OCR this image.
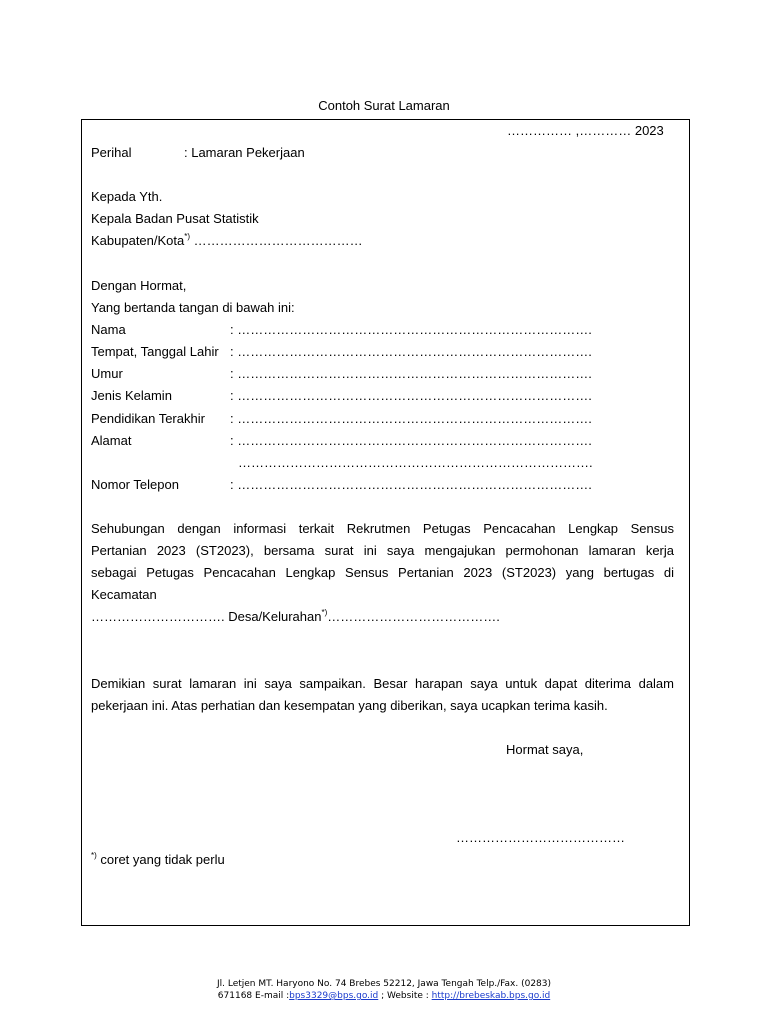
Contoh Surat Lamaran
…………… ,………… 2023
Perihal	: Lamaran Pekerjaan
Kepada Yth.
Kepala Badan Pusat Statistik
Kabupaten/Kota*) …………………………………
Dengan Hormat,
Yang bertanda tangan di bawah ini:
Nama	: ……………………………………………………………………….
Tempat, Tanggal Lahir : ……………………………………………………………………….
Umur	: ……………………………………………………………………….
Jenis Kelamin	: ……………………………………………………………………….
Pendidikan Terakhir : ……………………………………………………………………….
Alamat	: ……………………………………………………………………….
……………………………………………………………………….
Nomor Telepon	: ……………………………………………………………………….
Sehubungan dengan informasi terkait Rekrutmen Petugas Pencacahan Lengkap Sensus
Pertanian 2023 (ST2023), bersama surat ini saya mengajukan permohonan lamaran kerja
sebagai Petugas Pencacahan Lengkap Sensus Pertanian 2023 (ST2023) yang bertugas di
Kecamatan
…………………………. Desa/Kelurahan*)………………………………….
Demikian surat lamaran ini saya sampaikan. Besar harapan saya untuk dapat diterima dalam
pekerjaan ini. Atas perhatian dan kesempatan yang diberikan, saya ucapkan terima kasih.
Hormat saya,
…………………………………
*) coret yang tidak perlu
Jl. Letjen MT. Haryono No. 74 Brebes 52212, Jawa Tengah Telp./Fax. (0283)
671168 E-mail :bps3329@bps.go.id ; Website : http://brebeskab.bps.go.id
